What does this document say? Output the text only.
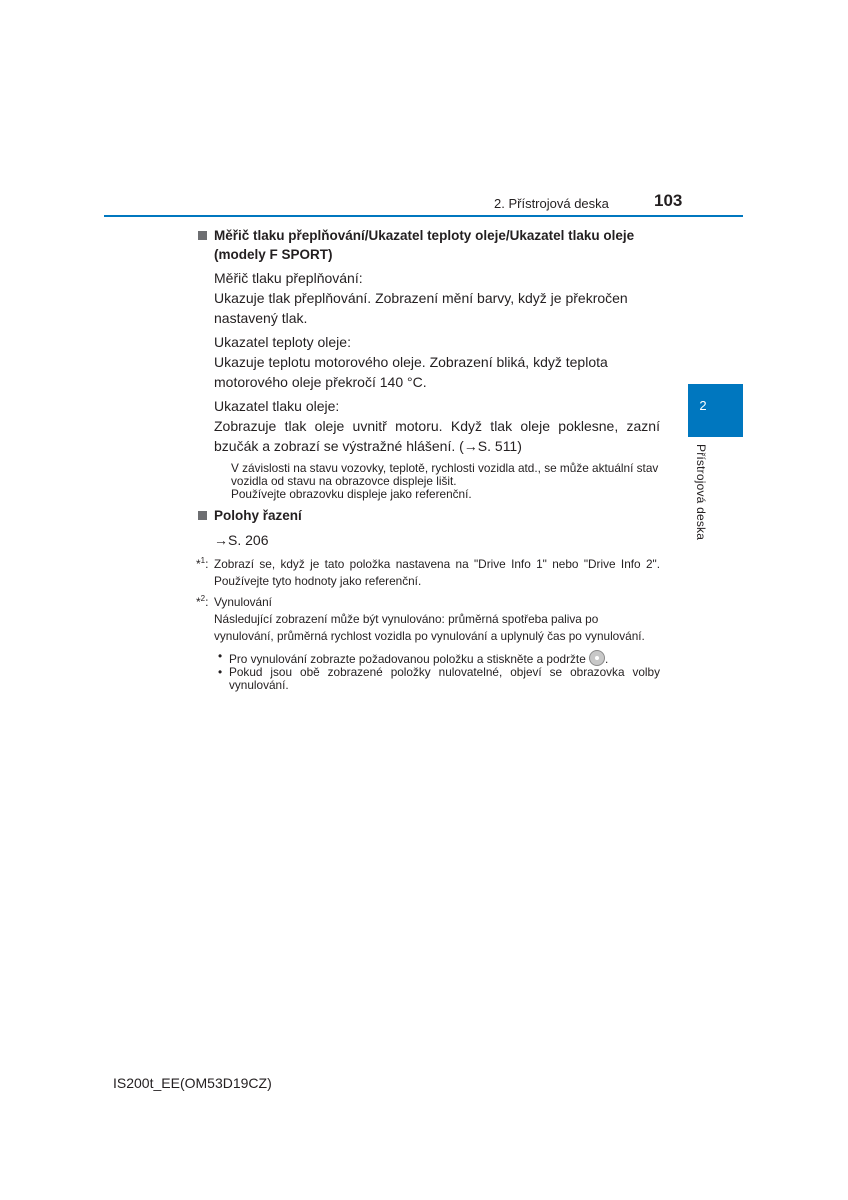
2. Přístrojová deska	103
2
Přístrojová deska
Měřič tlaku přeplňování/Ukazatel teploty oleje/Ukazatel tlaku oleje
(modely F SPORT)
Měřič tlaku přeplňování:
Ukazuje tlak přeplňování. Zobrazení mění barvy, když je překročen nastavený tlak.
Ukazatel teploty oleje:
Ukazuje teplotu motorového oleje. Zobrazení bliká, když teplota motorového oleje překročí 140 °C.
Ukazatel tlaku oleje:
Zobrazuje tlak oleje uvnitř motoru. Když tlak oleje poklesne, zazní bzučák a zobrazí se výstražné hlášení. (→S. 511)
V závislosti na stavu vozovky, teplotě, rychlosti vozidla atd., se může aktuální stav
vozidla od stavu na obrazovce displeje lišit.
Používejte obrazovku displeje jako referenční.
Polohy řazení
→S. 206
*$^1$: Zobrazí se, když je tato položka nastavena na "Drive Info 1" nebo "Drive Info 2". Používejte tyto hodnoty jako referenční.
*$^2$: Vynulování
Následující zobrazení může být vynulováno: průměrná spotřeba paliva po vynulování, průměrná rychlost vozidla po vynulování a uplynulý čas po vynulování.
• Pro vynulování zobrazte požadovanou položku a stiskněte a podržte .
• Pokud jsou obě zobrazené položky nulovatelné, objeví se obrazovka volby vynulování.
IS200t_EE(OM53D19CZ)
